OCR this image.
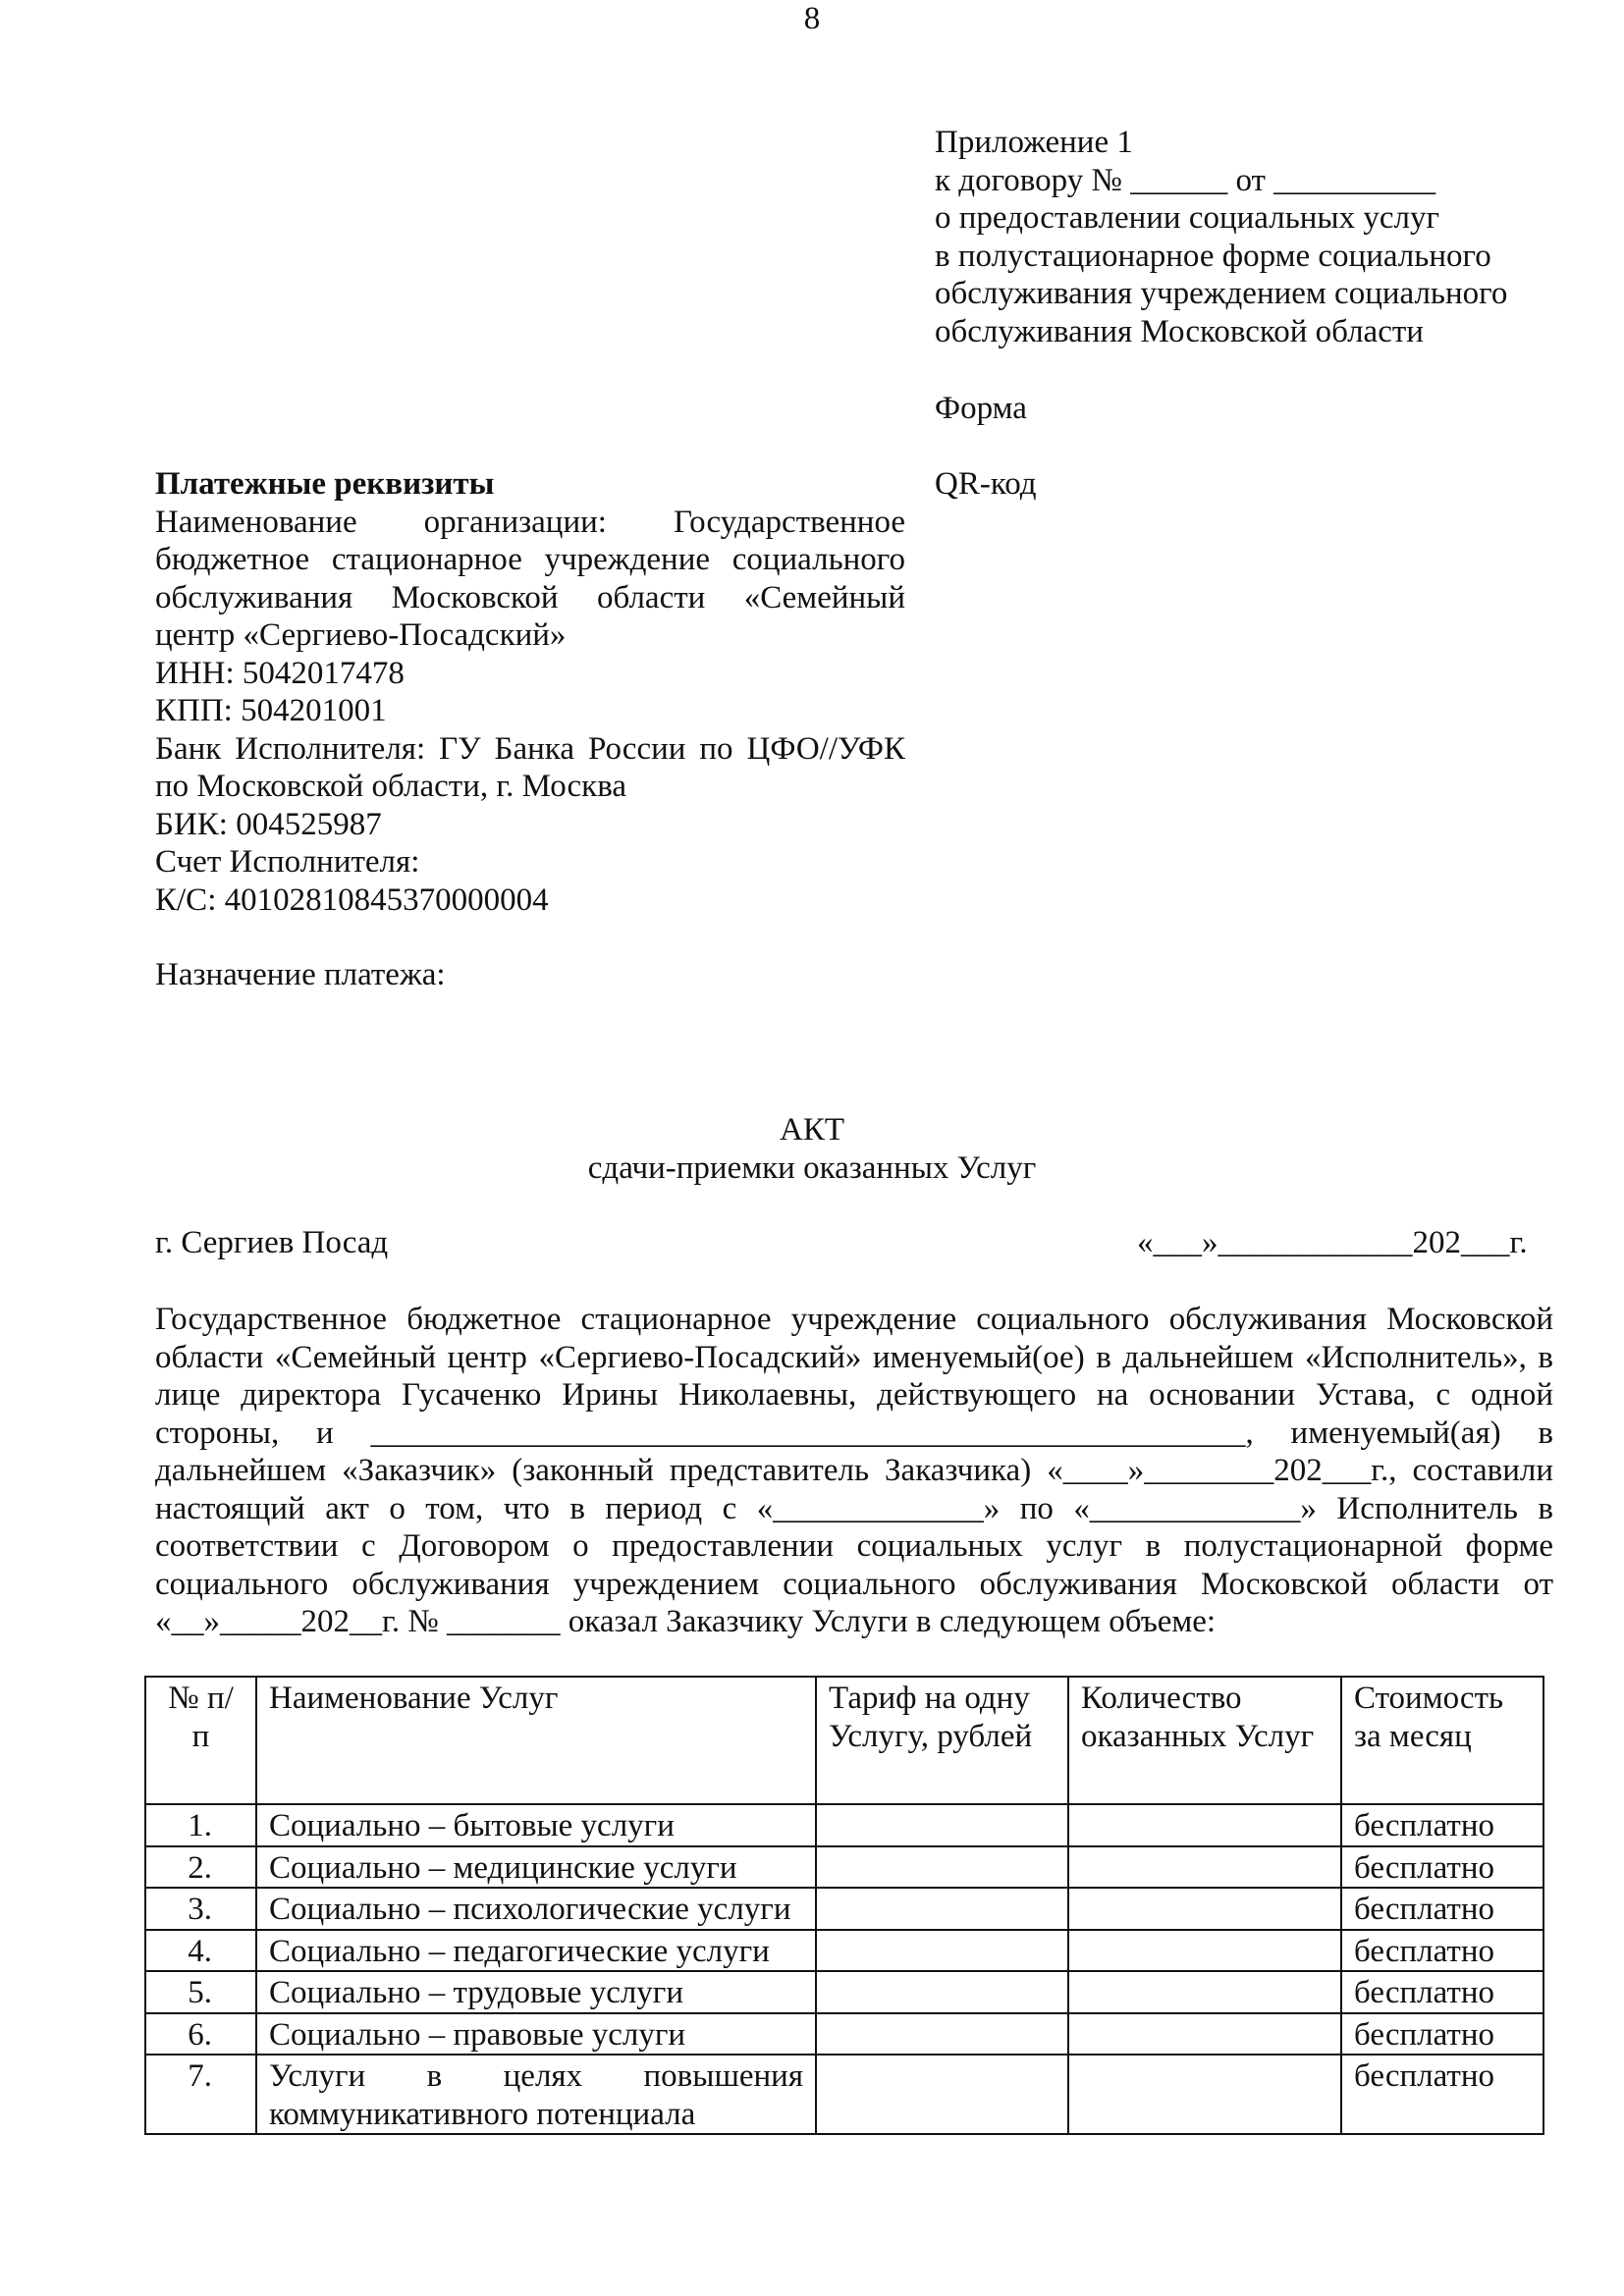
8
Приложение 1
к договору № ______ от __________
о предоставлении социальных услуг
в полустационарное форме социального
обслуживания учреждением социального
обслуживания Московской области
Форма
QR-код
Платежные реквизиты
Наименование организации: Государственное
бюджетное стационарное учреждение социального
обслуживания Московской области «Семейный
центр «Сергиево-Посадский»
ИНН: 5042017478
КПП: 504201001
Банк Исполнителя: ГУ Банка России по ЦФО//УФК
по Московской области, г. Москва
БИК: 004525987
Счет Исполнителя:
К/С: 40102810845370000004
Назначение платежа:
АКТ
сдачи-приемки оказанных Услуг
г. Сергиев Посад	«___»____________202___г.
Государственное бюджетное стационарное учреждение социального обслуживания Московской
области «Семейный центр «Сергиево-Посадский» именуемый(ое) в дальнейшем «Исполнитель», в
лице директора Гусаченко Ирины Николаевны, действующего на основании Устава, с одной
стороны, и ______________________________________________________, именуемый(ая) в
дальнейшем «Заказчик» (законный представитель Заказчика) «____»________202___г., составили
настоящий акт о том, что в период с «_____________» по «_____________» Исполнитель в
соответствии с Договором о предоставлении социальных услуг в полустационарной форме
социального обслуживания учреждением социального обслуживания Московской области от
«__»_____202__г. № _______ оказал Заказчику Услуги в следующем объеме:
№ п/ п	Наименование Услуг	Тариф на одну Услугу, рублей	Количество оказанных Услуг	Стоимость за месяц
1.	Социально – бытовые услуги			бесплатно
2.	Социально – медицинские услуги			бесплатно
3.	Социально – психологические услуги			бесплатно
4.	Социально – педагогические услуги			бесплатно
5.	Социально – трудовые услуги			бесплатно
6.	Социально – правовые услуги			бесплатно
7.	Услуги в целях повышения коммуникативного потенциала			бесплатно
